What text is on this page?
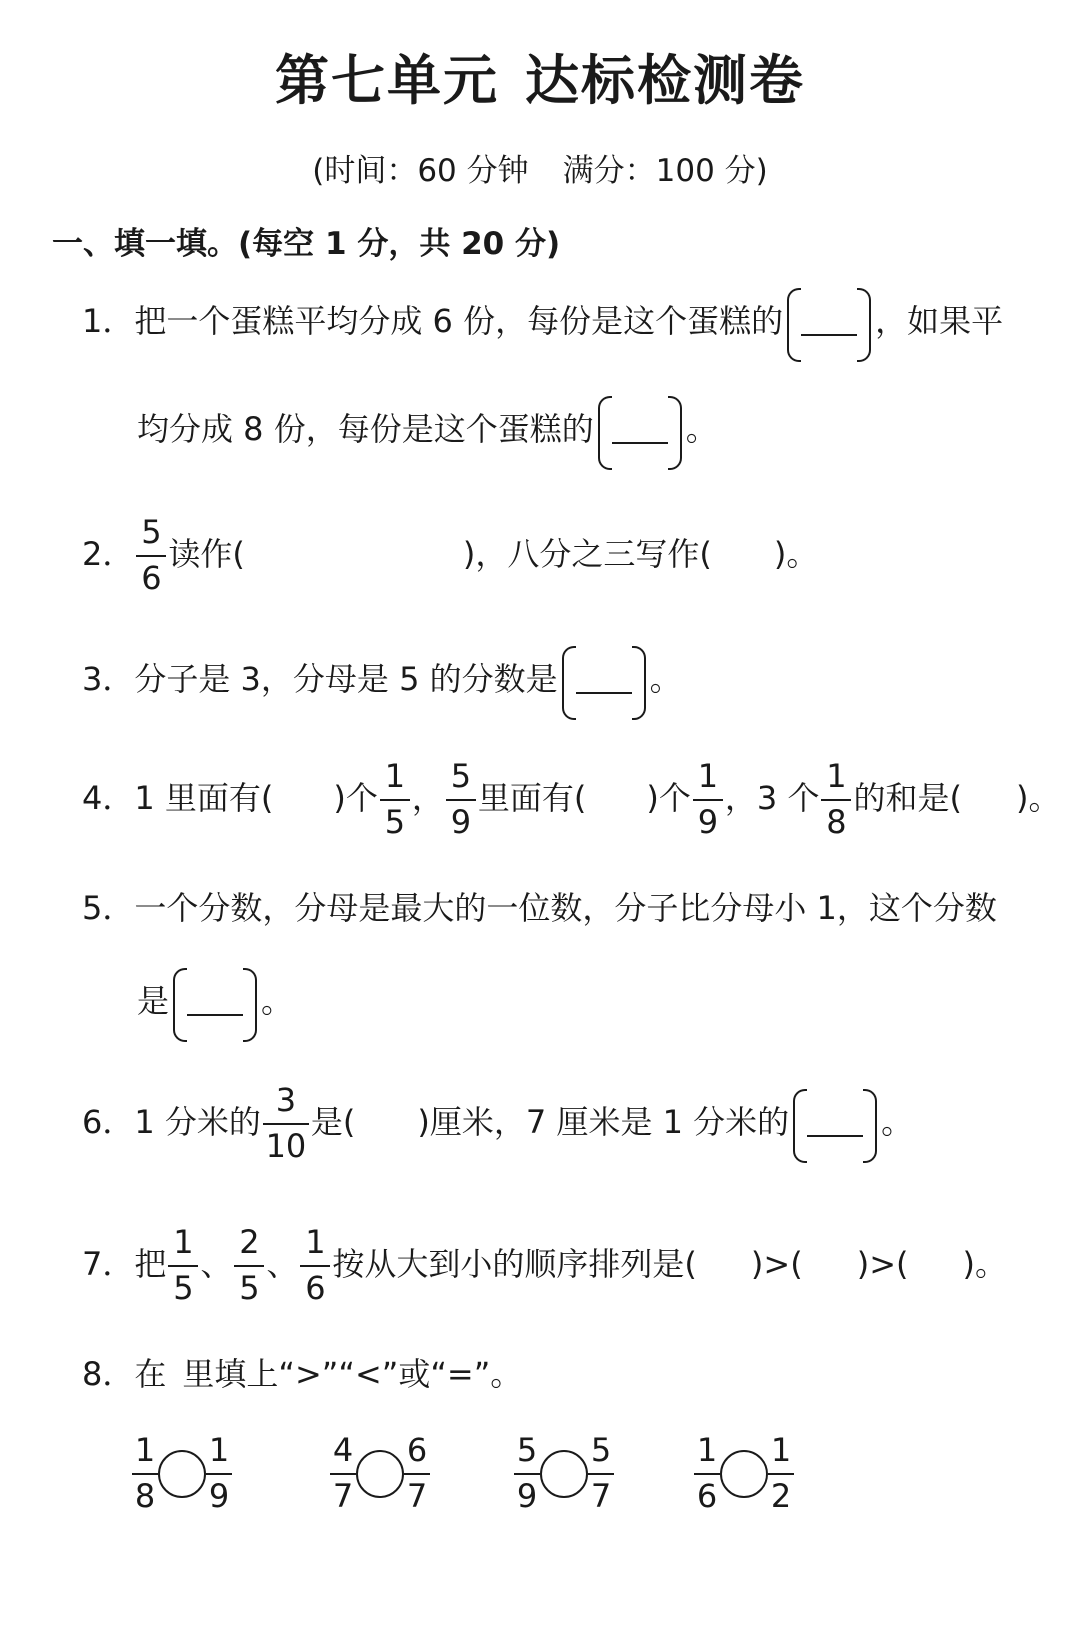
第七单元 达标检测卷
(时间：60 分钟 满分：100 分)
一、填一填。(每空 1 分，共 20 分)
1．把一个蛋糕平均分成 6 份，每份是这个蛋糕的	，如果平
均分成 8 份，每份是这个蛋糕的	。
2． $\frac{5}{6}$ 读作(	)，八分之三写作( )。
3．分子是 3，分母是 5 的分数是	。
4．1 里面有( )个 $\frac{1}{5}$ ， $\frac{5}{9}$ 里面有( )个 $\frac{1}{9}$ ，3 个 $\frac{1}{8}$ 的和是( )。
5．一个分数，分母是最大的一位数，分子比分母小 1，这个分数
是	。
6．1 分米的 $\frac{3}{10}$ 是( )厘米，7 厘米是 1 分米的	。
7．把 $\frac{1}{5}$ 、 $\frac{2}{5}$ 、 $\frac{1}{6}$ 按从大到小的顺序排列是( )>( )>( )。
8．在 里填上“>”“<”或“=”。
$\frac{1}{8} \frac{1}{9}$	$\frac{4}{7} \frac{6}{7}$	$\frac{5}{9} \frac{5}{7} \frac{1}{6} \frac{1}{2}$
